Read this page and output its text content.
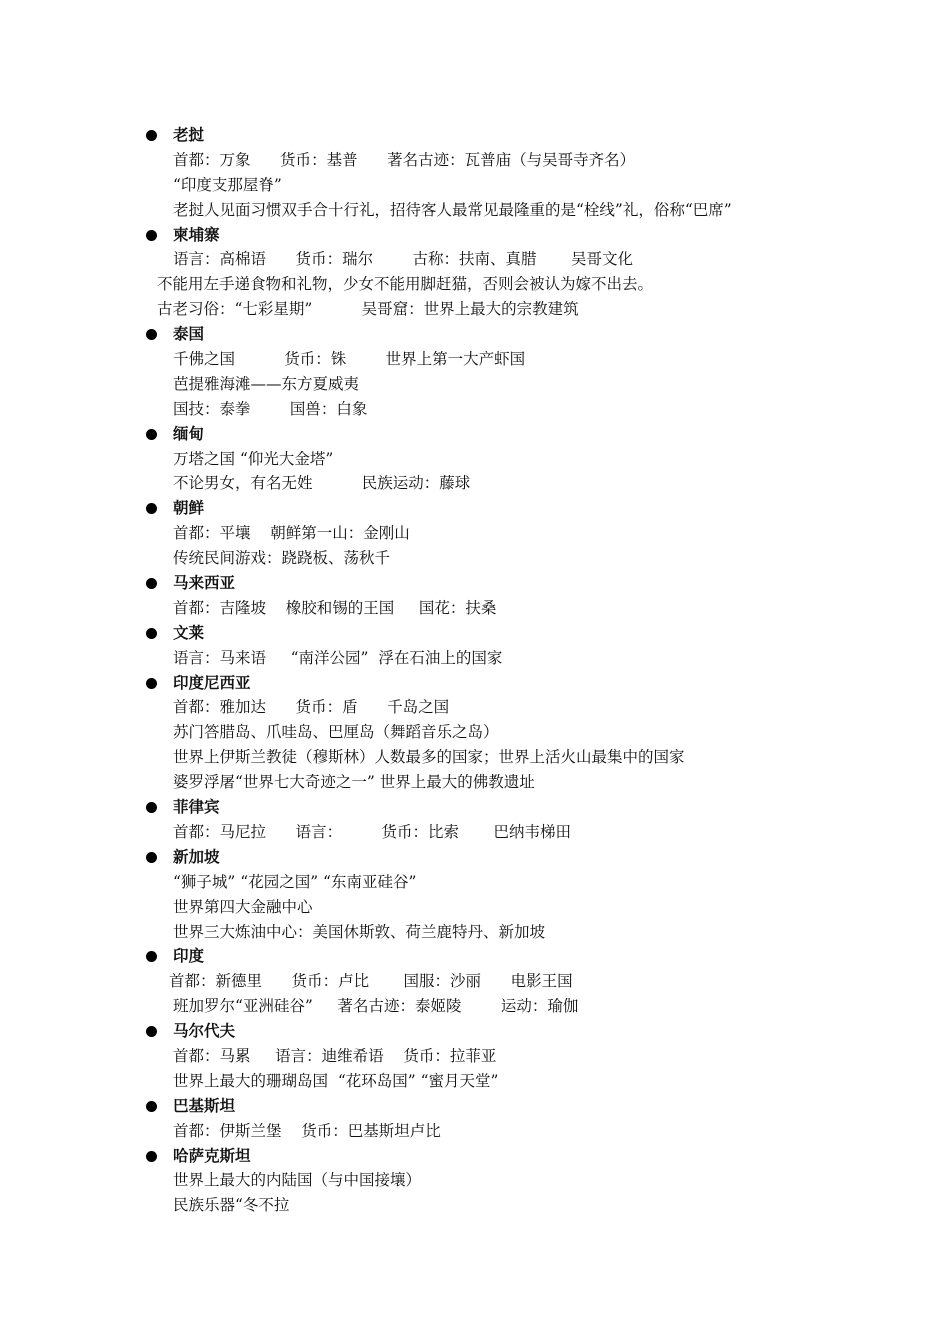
老挝

首都：万象      货币：基普      著名古迹：瓦普庙（与吴哥寺齐名）
“印度支那屋脊”
老挝人见面习惯双手合十行礼，招待客人最常见最隆重的是“栓线”礼，俗称“巴席”

柬埔寨

语言：高棉语      货币：瑞尔        古称：扶南、真腊       吴哥文化
不能用左手递食物和礼物，少女不能用脚赶猫，否则会被认为嫁不出去。
古老习俗：“七彩星期”          吴哥窟：世界上最大的宗教建筑

泰国

千佛之国          货币：铢        世界上第一大产虾国
芭提雅海滩——东方夏威夷
国技：泰拳        国兽：白象

缅甸

万塔之国 “仰光大金塔”
不论男女，有名无姓          民族运动：藤球

朝鲜

首都：平壤    朝鲜第一山：金刚山
传统民间游戏：跷跷板、荡秋千

马来西亚

首都：吉隆坡    橡胶和锡的王国     国花：扶桑

文莱

语言：马来语     “南洋公园”  浮在石油上的国家

印度尼西亚

首都：雅加达      货币：盾      千岛之国
苏门答腊岛、爪哇岛、巴厘岛（舞蹈音乐之岛）
世界上伊斯兰教徒（穆斯林）人数最多的国家；世界上活火山最集中的国家
婆罗浮屠“世界七大奇迹之一” 世界上最大的佛教遗址

菲律宾

首都：马尼拉      语言：        货币：比索       巴纳韦梯田

新加坡

“狮子城” “花园之国” “东南亚硅谷”
世界第四大金融中心
世界三大炼油中心：美国休斯敦、荷兰鹿特丹、新加坡

印度

首都：新德里      货币：卢比       国服：沙丽      电影王国
班加罗尔“亚洲硅谷”     著名古迹：泰姬陵        运动：瑜伽

马尔代夫

首都：马累     语言：迪维希语    货币：拉菲亚
世界上最大的珊瑚岛国  “花环岛国” “蜜月天堂”

巴基斯坦

首都：伊斯兰堡    货币：巴基斯坦卢比

哈萨克斯坦

世界上最大的内陆国（与中国接壤）
民族乐器“冬不拉
